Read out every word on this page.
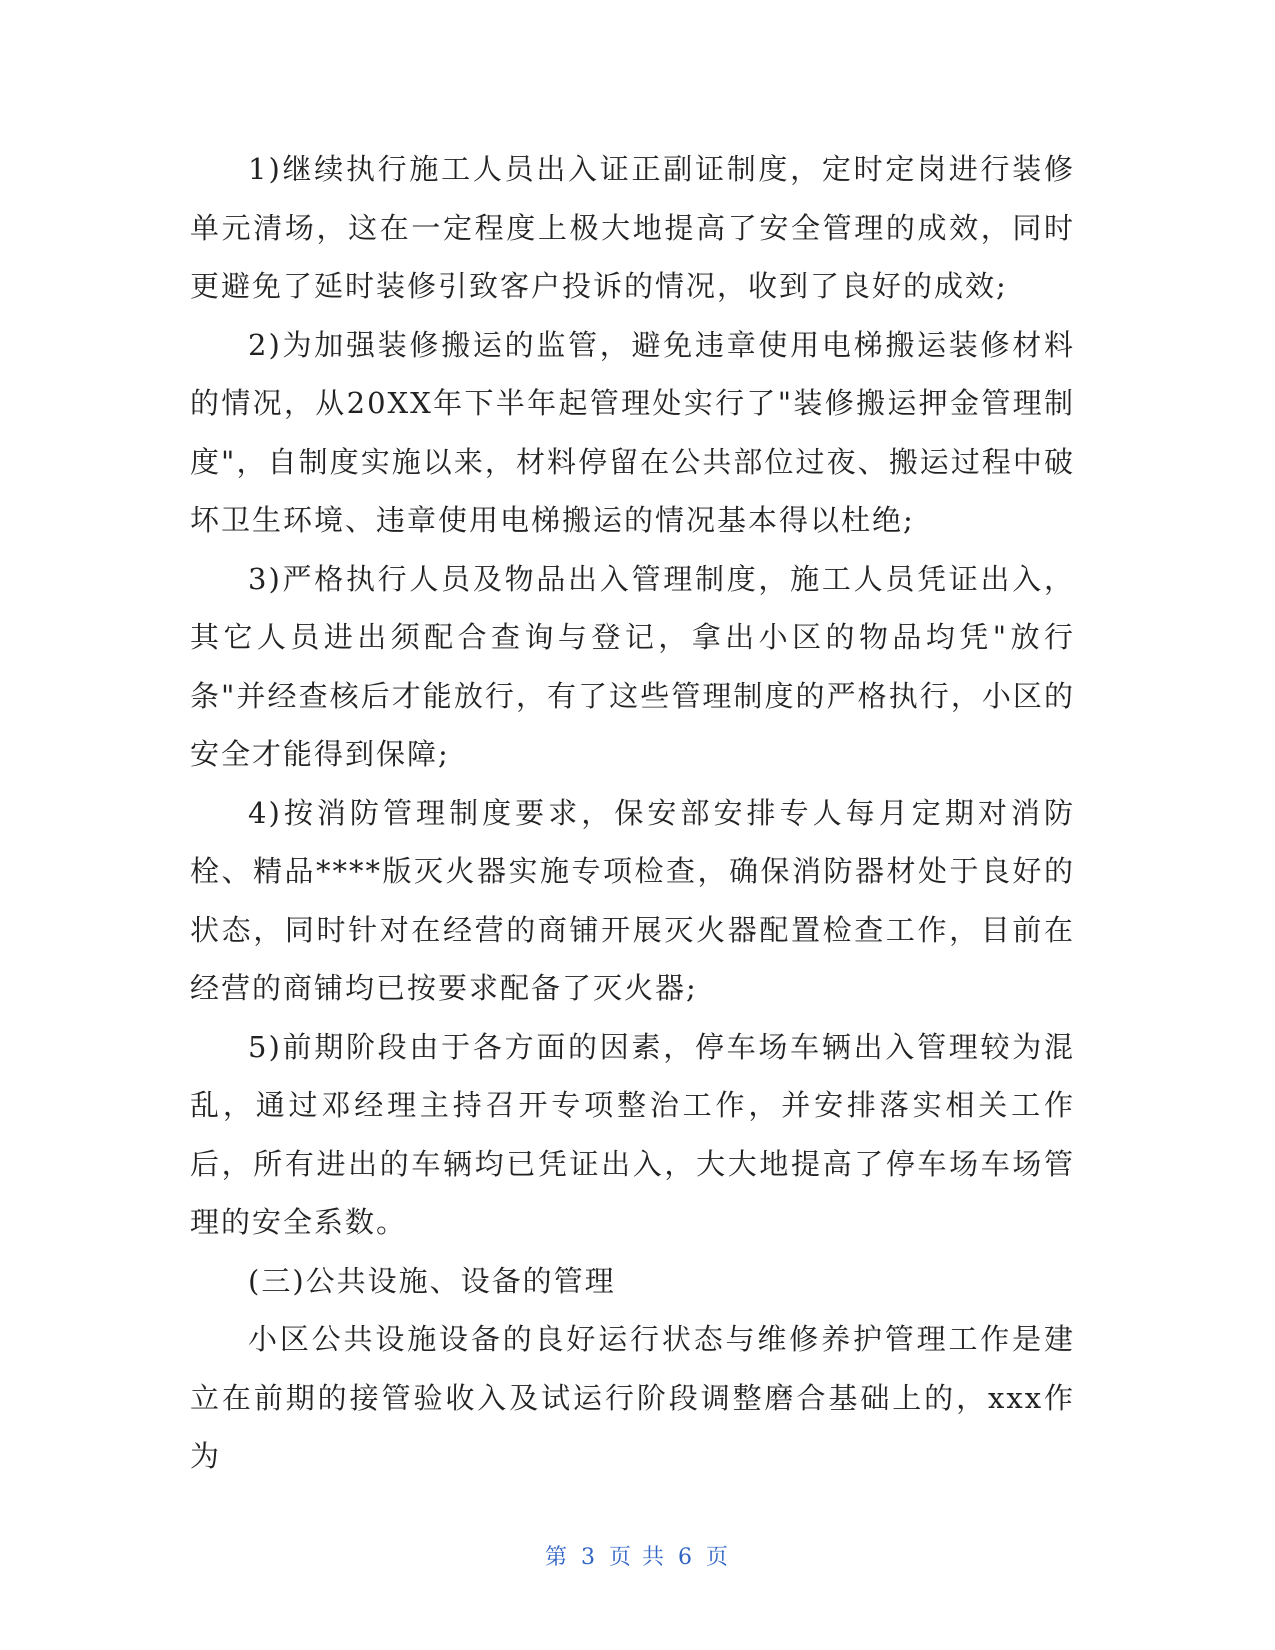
1)继续执行施工人员出入证正副证制度，定时定岗进行装修单元清场，这在一定程度上极大地提高了安全管理的成效，同时更避免了延时装修引致客户投诉的情况，收到了良好的成效;

2)为加强装修搬运的监管，避免违章使用电梯搬运装修材料的情况，从20XX年下半年起管理处实行了"装修搬运押金管理制度"，自制度实施以来，材料停留在公共部位过夜、搬运过程中破坏卫生环境、违章使用电梯搬运的情况基本得以杜绝;

3)严格执行人员及物品出入管理制度，施工人员凭证出入，其它人员进出须配合查询与登记，拿出小区的物品均凭"放行条"并经查核后才能放行，有了这些管理制度的严格执行，小区的安全才能得到保障;

4)按消防管理制度要求，保安部安排专人每月定期对消防栓、精品****版灭火器实施专项检查，确保消防器材处于良好的状态，同时针对在经营的商铺开展灭火器配置检查工作，目前在经营的商铺均已按要求配备了灭火器;

5)前期阶段由于各方面的因素，停车场车辆出入管理较为混乱，通过邓经理主持召开专项整治工作，并安排落实相关工作后，所有进出的车辆均已凭证出入，大大地提高了停车场车场管理的安全系数。

(三)公共设施、设备的管理

小区公共设施设备的良好运行状态与维修养护管理工作是建立在前期的接管验收入及试运行阶段调整磨合基础上的，xxx作为

第 3 页 共 6 页
